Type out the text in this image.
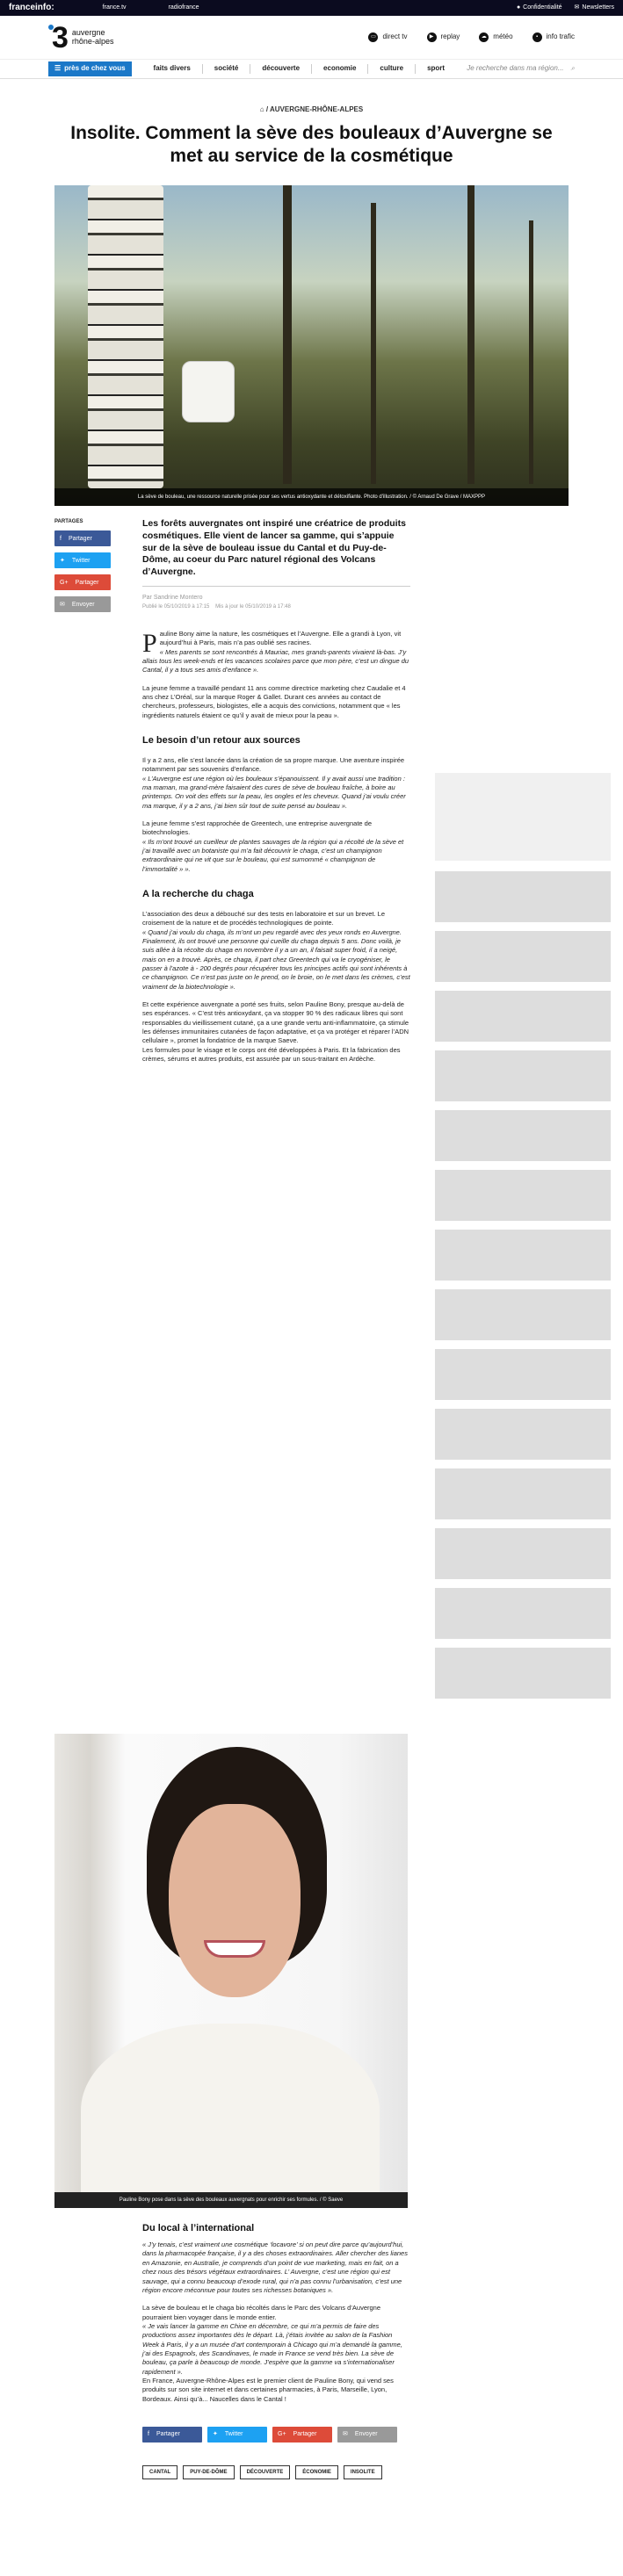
franceinfo:	france.tv	radiofrance	● Confidentialité ✉ Newsletters
3 auvergne
rhône-alpes	▭ direct tv	▶	replay	☁ météo	▪	info trafic
☰ près de chez vous	faits divers	société	découverte	economie	culture	sport	Je recherche dans ma région... ⌕
⌂ / AUVERGNE-RHÔNE-ALPES
Insolite. Comment la sève des bouleaux d’Auvergne se met au service de la cosmétique
La sève de bouleau, une ressource naturelle prisée pour ses vertus antioxydante et détoxifiante. Photo d'illustration. / © Arnaud De Grave / MAXPPP
PARTAGES
f Partager
✦ Twitter
G+ Partager
✉ Envoyer
Les forêts auvergnates ont inspiré une créatrice de produits cosmétiques. Elle vient de lancer sa gamme, qui s’appuie sur de la sève de bouleau issue du Cantal et du Puy-de-Dôme, au coeur du Parc naturel régional des Volcans d’Auvergne.
Par Sandrine Montero
Publié le 05/10/2019 à 17:15 Mis à jour le 05/10/2019 à 17:48

Pauline Bony aime la nature, les cosmétiques et l’Auvergne. Elle a grandi à Lyon, vit aujourd’hui à Paris, mais n’a pas oublié ses racines.

« Mes parents se sont rencontrés à Mauriac, mes grands-parents vivaient là-bas. J’y allais tous les week-ends et les vacances scolaires parce que mon père, c’est un dingue du Cantal, il y a tous ses amis d’enfance ».

La jeune femme a travaillé pendant 11 ans comme directrice marketing chez Caudalie et 4 ans chez L’Oréal, sur la marque Roger & Gallet. Durant ces années au contact de chercheurs, professeurs, biologistes, elle a acquis des convictions, notamment que « les ingrédients naturels étaient ce qu’il y avait de mieux pour la peau ».

Le besoin d’un retour aux sources

Il y a 2 ans, elle s’est lancée dans la création de sa propre marque. Une aventure inspirée notamment par ses souvenirs d’enfance.

« L’Auvergne est une région où les bouleaux s’épanouissent. Il y avait aussi une tradition : ma maman, ma grand-mère faisaient des cures de sève de bouleau fraîche, à boire au printemps. On voit des effets sur la peau, les ongles et les cheveux. Quand j’ai voulu créer ma marque, il y a 2 ans, j’ai bien sûr tout de suite pensé au bouleau ».

La jeune femme s’est rapprochée de Greentech, une entreprise auvergnate de biotechnologies.

« Ils m’ont trouvé un cueilleur de plantes sauvages de la région qui a récolté de la sève et j’ai travaillé avec un botaniste qui m’a fait découvrir le chaga, c’est un champignon extraordinaire qui ne vit que sur le bouleau, qui est surnommé « champignon de l’immortalité » ».

A la recherche du chaga

L’association des deux a débouché sur des tests en laboratoire et sur un brevet. Le croisement de la nature et de procédés technologiques de pointe.

« Quand j’ai voulu du chaga, ils m’ont un peu regardé avec des yeux ronds en Auvergne. Finalement, ils ont trouvé une personne qui cueille du chaga depuis 5 ans. Donc voilà, je suis allée à la récolte du chaga en novembre il y a un an, il faisait super froid, il a neigé, mais on en a trouvé. Après, ce chaga, il part chez Greentech qui va le cryogéniser, le passer à l’azote à - 200 degrés pour récupérer tous les principes actifs qui sont inhérents à ce champignon. Ce n’est pas juste on le prend, on le broie, on le met dans les crèmes, c’est vraiment de la biotechnologie ».

Et cette expérience auvergnate a porté ses fruits, selon Pauline Bony, presque au-delà de ses espérances. « C’est très antioxydant, ça va stopper 90 % des radicaux libres qui sont responsables du vieillissement cutané, ça a une grande vertu anti-inflammatoire, ça stimule les défenses immunitaires cutanées de façon adaptative, et ça va protéger et réparer l’ADN cellulaire », promet la fondatrice de la marque Saeve.

Les formules pour le visage et le corps ont été développées à Paris. Et la fabrication des crèmes, sérums et autres produits, est assurée par un sous-traitant en Ardèche.

Pauline Bony pose dans la sève des bouleaux auvergnats pour enrichir ses formules. / © Saeve
Du local à l’international

« J’y tenais, c’est vraiment une cosmétique ‘locavore’ si on peut dire parce qu’aujourd’hui, dans la pharmacopée française, il y a des choses extraordinaires. Aller chercher des lianes en Amazonie, en Australie, je comprends d’un point de vue marketing, mais en fait, on a chez nous des trésors végétaux extraordinaires. L’ Auvergne, c’est une région qui est sauvage, qui a connu beaucoup d’exode rural, qui n’a pas connu l’urbanisation, c’est une région encore méconnue pour toutes ses richesses botaniques ».

La sève de bouleau et le chaga bio récoltés dans le Parc des Volcans d’Auvergne pourraient bien voyager dans le monde entier.

« Je vais lancer la gamme en Chine en décembre, ce qui m’a permis de faire des productions assez importantes dès le départ. Là, j’étais invitée au salon de la Fashion Week à Paris, il y a un musée d’art contemporain à Chicago qui m’a demandé la gamme, j’ai des Espagnols, des Scandinaves, le made in France se vend très bien. La sève de bouleau, ça parle à beaucoup de monde. J’espère que la gamme va s’internationaliser rapidement ».

En France, Auvergne-Rhône-Alpes est le premier client de Pauline Bony, qui vend ses produits sur son site internet et dans certaines pharmacies, à Paris, Marseille, Lyon, Bordeaux. Ainsi qu’à... Naucelles dans le Cantal !

f Partager	✦ Twitter	G+ Partager	✉ Envoyer
CANTAL	PUY-DE-DÔME	DÉCOUVERTE	ÉCONOMIE	INSOLITE
